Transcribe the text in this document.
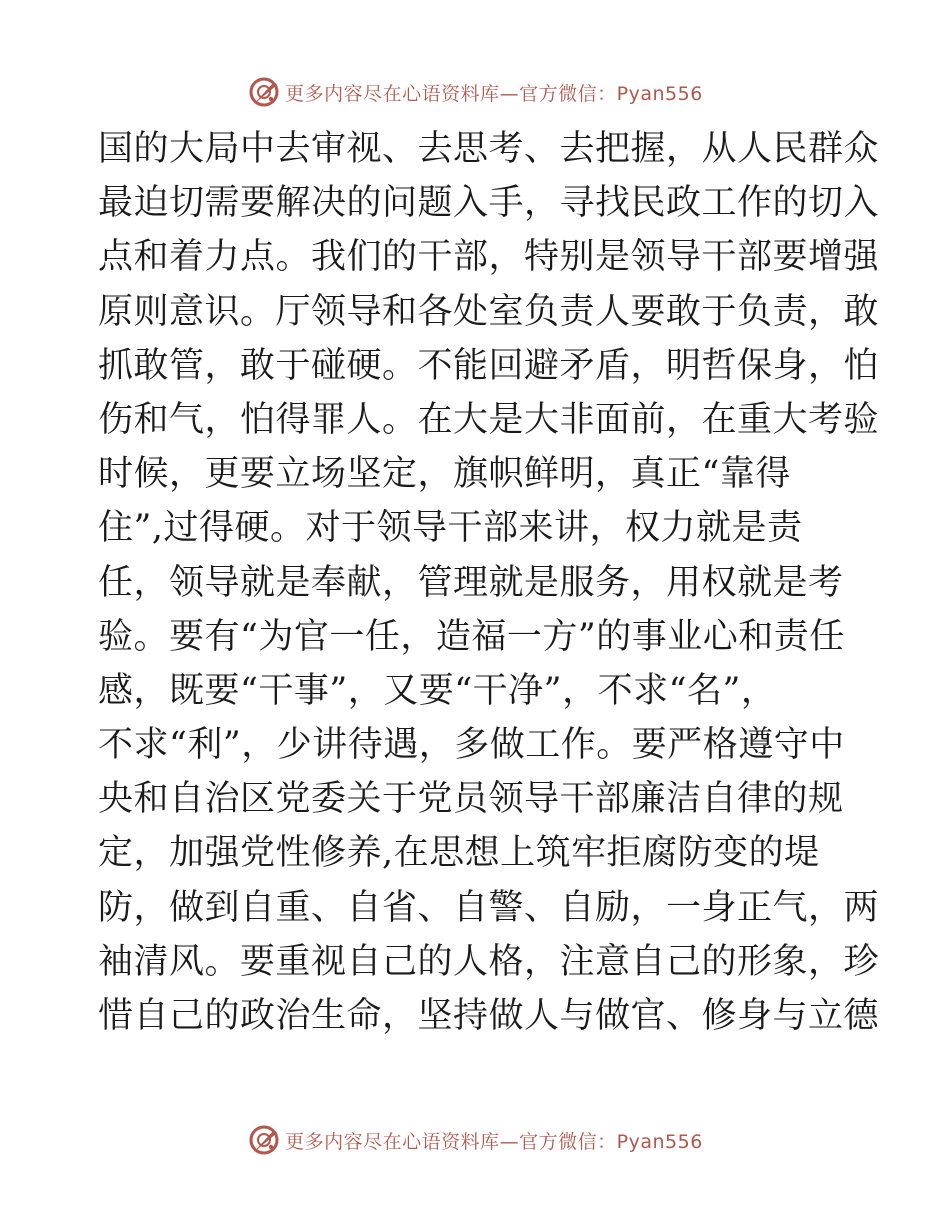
更多内容尽在心语资料库—官方微信：Pyan556
国的大局中去审视、去思考、去把握，从人民群众
最迫切需要解决的问题入手，寻找民政工作的切入
点和着力点。我们的干部，特别是领导干部要增强
原则意识。厅领导和各处室负责人要敢于负责，敢
抓敢管，敢于碰硬。不能回避矛盾，明哲保身，怕
伤和气，怕得罪人。在大是大非面前，在重大考验
时候，更要立场坚定，旗帜鲜明，真正“靠得
住”,过得硬。对于领导干部来讲，权力就是责
任，领导就是奉献，管理就是服务，用权就是考
验。要有“为官一任，造福一方”的事业心和责任
感，既要“干事”，又要“干净”，不求“名”，
不求“利”，少讲待遇，多做工作。要严格遵守中
央和自治区党委关于党员领导干部廉洁自律的规
定，加强党性修养,在思想上筑牢拒腐防变的堤
防，做到自重、自省、自警、自励，一身正气，两
袖清风。要重视自己的人格，注意自己的形象，珍
惜自己的政治生命，坚持做人与做官、修身与立德
更多内容尽在心语资料库—官方微信：Pyan556
